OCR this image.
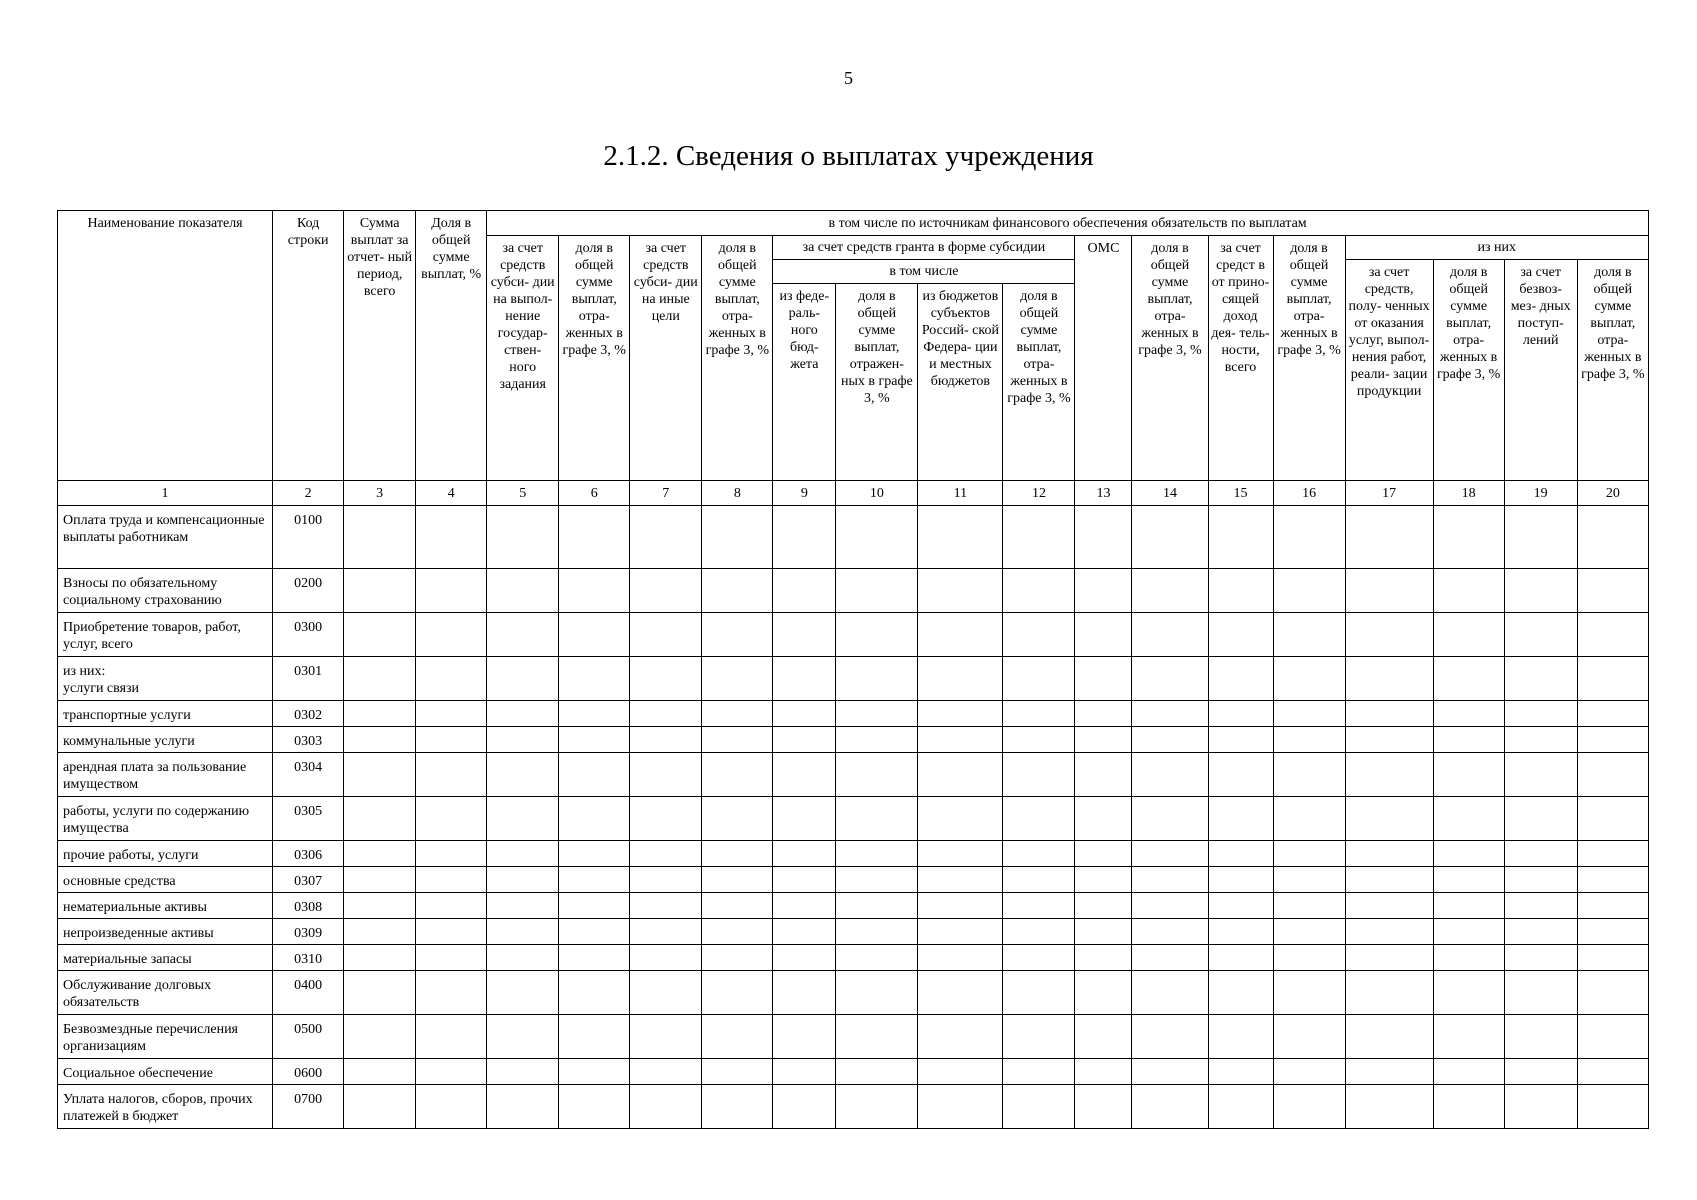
5
2.1.2. Сведения о выплатах учреждения
Наименование показателя	Код строки	Сумма выплат за отчет- ный период, всего	Доля в общей сумме выплат, %	в том числе по источникам финансового обеспечения обязательств по выплатам															
				за счет средств субси- дии на выпол- нение государ- ствен- ного задания	доля в общей сумме выплат, отра- женных в графе 3, %	за счет средств субси- дии на иные цели	доля в общей сумме выплат, отра- женных в графе 3, %	за счет средств гранта в форме субсидии				ОМС	доля в общей сумме выплат, отра- женных в графе 3, %	за счет средст в от прино- сящей доход дея- тель- ности, всего	доля в общей сумме выплат, отра- женных в графе 3, %	из них			
								в том числе								за счет средств, полу- ченных от оказания услуг, выпол- нения работ, реали- зации продукции	доля в общей сумме выплат, отра- женных в графе 3, %	за счет безвоз- мез- дных поступ- лений	доля в общей сумме выплат, отра- женных в графе 3, %
								из феде- раль- ного бюд- жета	доля в общей сумме выплат, отражен- ных в графе 3, %	из бюджетов субъектов Россий- ской Федера- ции и местных бюджетов	доля в общей сумме выплат, отра- женных в графе 3, %								

1	2	3	4	5	6	7	8	9	10	11	12	13	14	15	16	17	18	19	20
Оплата труда и компенсационные выплаты работникам	0100																		
Взносы по обязательному социальному страхованию	0200																		
Приобретение товаров, работ, услуг, всего	0300																		
из них:
услуги связи	0301																		
транспортные услуги	0302																		
коммунальные услуги	0303																		
арендная плата за пользование имуществом	0304																		
работы, услуги по содержанию имущества	0305																		
прочие работы, услуги	0306																		
основные средства	0307																		
нематериальные активы	0308																		
непроизведенные активы	0309																		
материальные запасы	0310																		
Обслуживание долговых обязательств	0400																		
Безвозмездные перечисления организациям	0500																		
Социальное обеспечение	0600																		
Уплата налогов, сборов, прочих платежей в бюджет	0700																		
